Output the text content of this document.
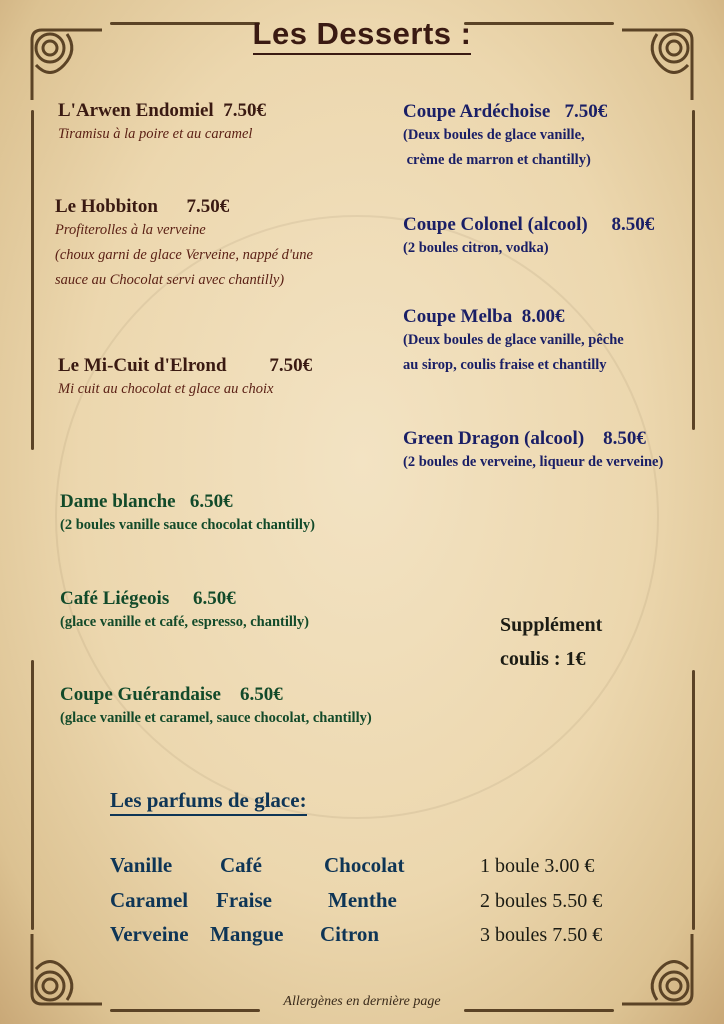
Les Desserts :
L'Arwen Endomiel 7.50€
Tiramisu à la poire et au caramel
Le Hobbiton 7.50€
Profiterolles à la verveine
(choux garni de glace Verveine, nappé d'une
sauce au Chocolat servi avec chantilly)
Le Mi-Cuit d'Elrond 7.50€
Mi cuit au chocolat et glace au choix
Coupe Ardéchoise 7.50€
(Deux boules de glace vanille,
crème de marron et chantilly)
Coupe Colonel (alcool) 8.50€
(2 boules citron, vodka)
Coupe Melba 8.00€
(Deux boules de glace vanille, pêche
au sirop, coulis fraise et chantilly
Green Dragon (alcool) 8.50€
(2 boules de verveine, liqueur de verveine)
Dame blanche 6.50€
(2 boules vanille sauce chocolat chantilly)
Café Liégeois 6.50€
(glace vanille et café, espresso, chantilly)
Coupe Guérandaise 6.50€
(glace vanille et caramel, sauce chocolat, chantilly)
Supplément
coulis : 1€
Les parfums de glace:
Vanille Café	Chocolat
Caramel Fraise	Menthe
Verveine Mangue Citron
1 boule 3.00 €
2 boules 5.50 €
3 boules 7.50 €
Allergènes en dernière page
